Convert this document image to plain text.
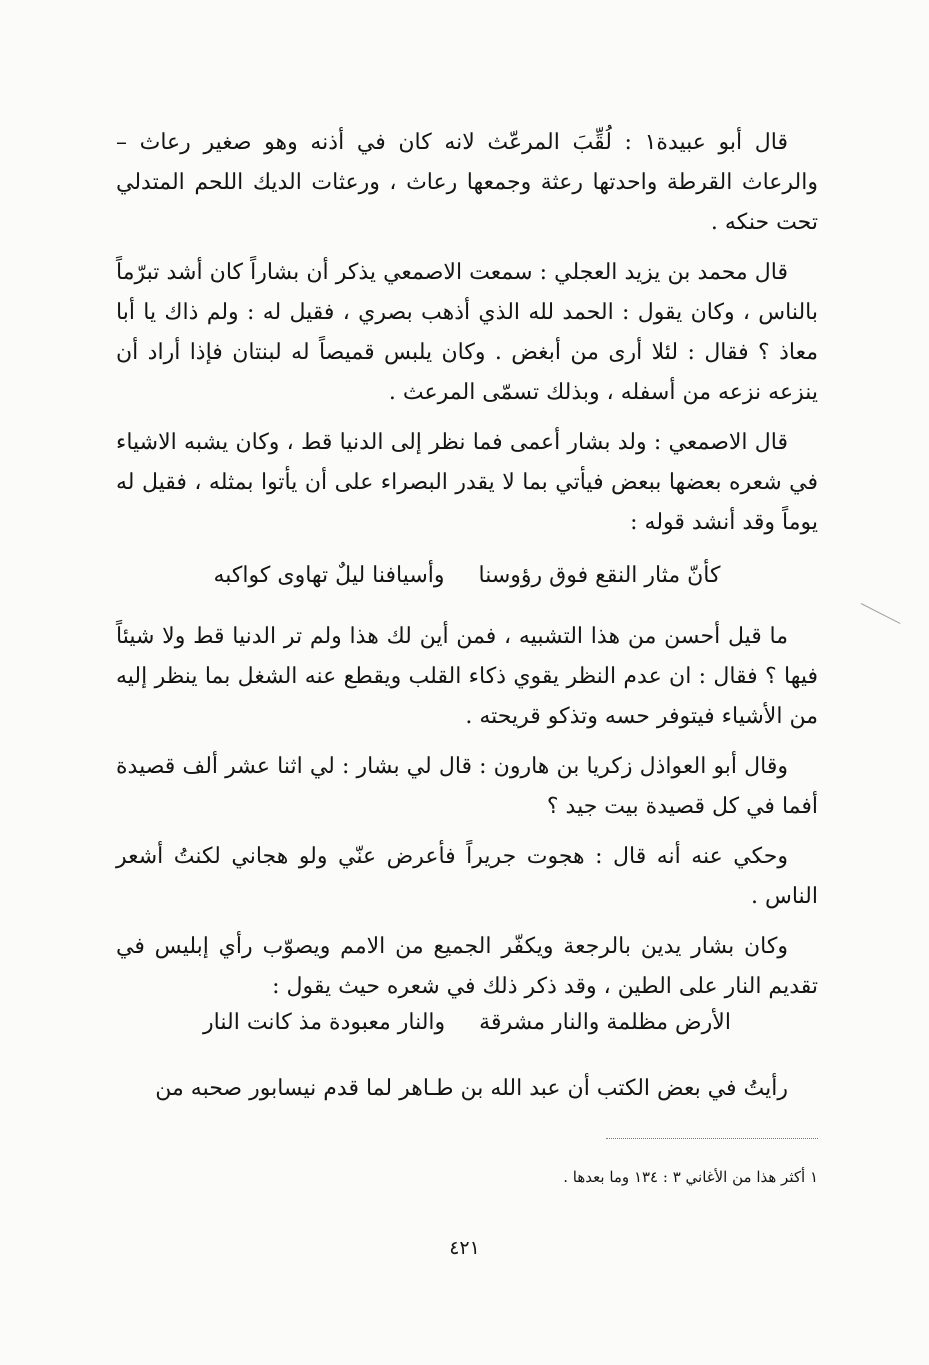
قال أبو عبيدة١ : لُقِّبَ المرعّث لانه كان في أذنه وهو صغير رعاث – والرعاث القرطة واحدتها رعثة وجمعها رعاث ، ورعثات الديك اللحم المتدلي تحت حنكه .

قال محمد بن يزيد العجلي : سمعت الاصمعي يذكر أن بشاراً كان أشد تبرّماً بالناس ، وكان يقول : الحمد لله الذي أذهب بصري ، فقيل له : ولم ذاك يا أبا معاذ ؟ فقال : لئلا أرى من أبغض . وكان يلبس قميصاً له لبنتان فإذا أراد أن ينزعه نزعه من أسفله ، وبذلك تسمّى المرعث .

قال الاصمعي : ولد بشار أعمى فما نظر إلى الدنيا قط ، وكان يشبه الاشياء في شعره بعضها ببعض فيأتي بما لا يقدر البصراء على أن يأتوا بمثله ، فقيل له يوماً وقد أنشد قوله :

كأنّ مثار النقع فوق رؤوسناوأسيافنا ليلٌ تهاوى كواكبه

ما قيل أحسن من هذا التشبيه ، فمن أين لك هذا ولم تر الدنيا قط ولا شيئاً فيها ؟ فقال : ان عدم النظر يقوي ذكاء القلب ويقطع عنه الشغل بما ينظر إليه من الأشياء فيتوفر حسه وتذكو قريحته .

وقال أبو العواذل زكريا بن هارون : قال لي بشار : لي اثنا عشر ألف قصيدة أفما في كل قصيدة بيت جيد ؟

وحكي عنه أنه قال : هجوت جريراً فأعرض عنّي ولو هجاني لكنتُ أشعر الناس .

وكان بشار يدين بالرجعة ويكفّر الجميع من الامم ويصوّب رأي إبليس في تقديم النار على الطين ، وقد ذكر ذلك في شعره حيث يقول :

الأرض مظلمة والنار مشرقةوالنار معبودة مذ كانت النار

رأيتُ في بعض الكتب أن عبد الله بن طـاهر لما قدم نيسابور صحبه من

١ أكثر هذا من الأغاني ٣ : ١٣٤ وما بعدها .
٤٢١
